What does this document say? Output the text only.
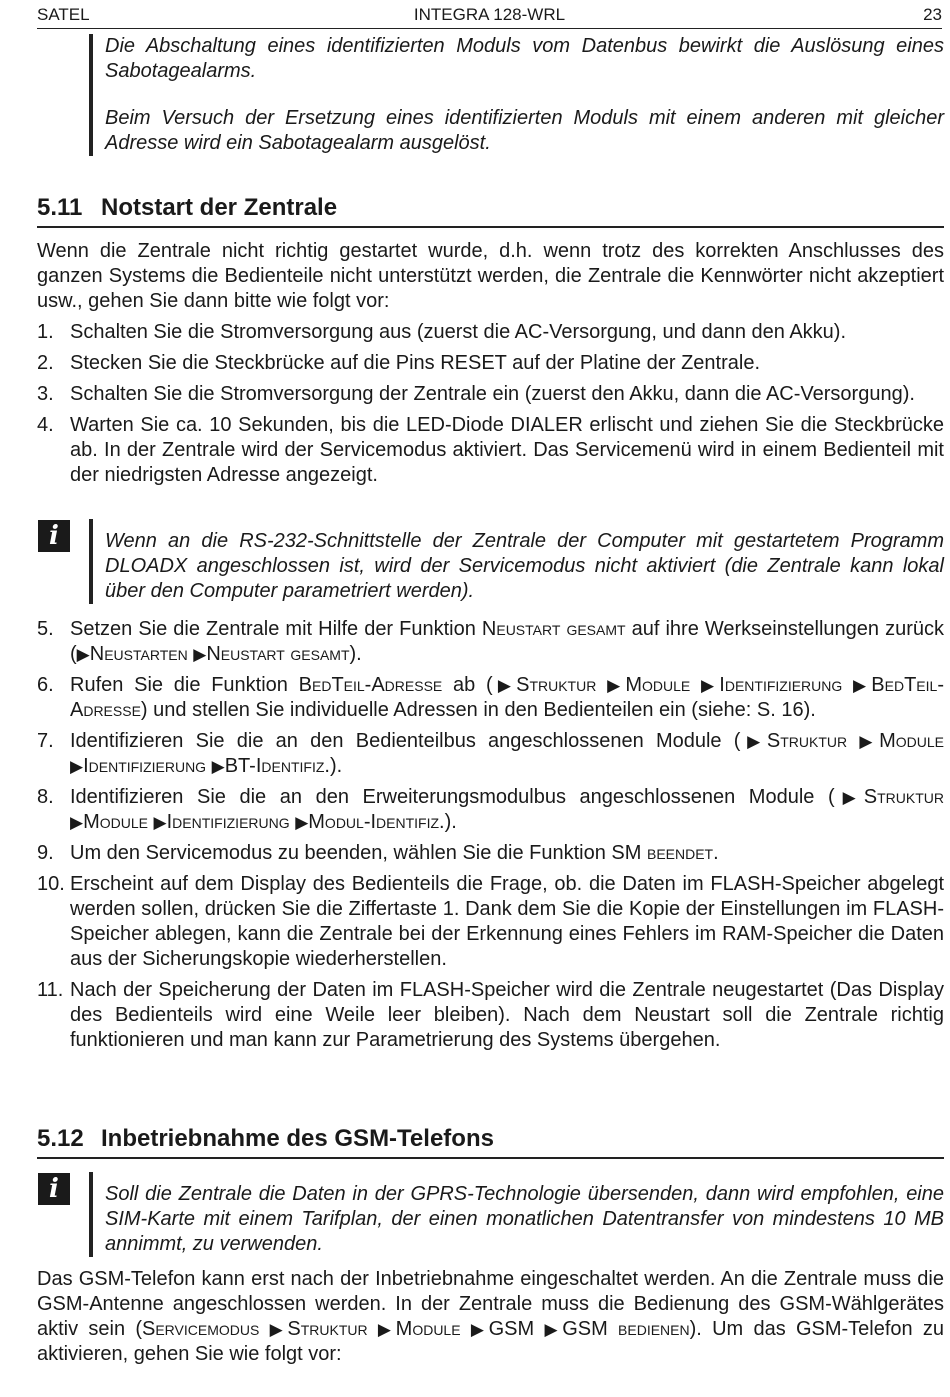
SATEL	INTEGRA 128-WRL	23

Die Abschaltung eines identifizierten Moduls vom Datenbus bewirkt die Auslösung eines Sabotagealarms.

Beim Versuch der Ersetzung eines identifizierten Moduls mit einem anderen mit gleicher Adresse wird ein Sabotagealarm ausgelöst.

5.11 Notstart der Zentrale

Wenn die Zentrale nicht richtig gestartet wurde, d.h. wenn trotz des korrekten Anschlusses des ganzen Systems die Bedienteile nicht unterstützt werden, die Zentrale die Kennwörter nicht akzeptiert usw., gehen Sie dann bitte wie folgt vor:

1. Schalten Sie die Stromversorgung aus (zuerst die AC-Versorgung, und dann den Akku).
2. Stecken Sie die Steckbrücke auf die Pins RESET auf der Platine der Zentrale.
3. Schalten Sie die Stromversorgung der Zentrale ein (zuerst den Akku, dann die AC-Versorgung).
4. Warten Sie ca. 10 Sekunden, bis die LED-Diode DIALER erlischt und ziehen Sie die Steckbrücke ab. In der Zentrale wird der Servicemodus aktiviert. Das Servicemenü wird in einem Bedienteil mit der niedrigsten Adresse angezeigt.
i	Wenn an die RS-232-Schnittstelle der Zentrale der Computer mit gestartetem Programm DLOADX angeschlossen ist, wird der Servicemodus nicht aktiviert (die Zentrale kann lokal über den Computer parametriert werden).

5. Setzen Sie die Zentrale mit Hilfe der Funktion Neustart gesamt auf ihre Werkseinstellungen zurück (▶Neustarten ▶Neustart gesamt).
6. Rufen Sie die Funktion BedTeil-Adresse ab (▶Struktur ▶Module ▶Identifizierung ▶BedTeil-Adresse) und stellen Sie individuelle Adressen in den Bedienteilen ein (siehe: S. 16).
7. Identifizieren Sie die an den Bedienteilbus angeschlossenen Module (▶Struktur ▶Module ▶Identifizierung ▶BT-Identifiz.).
8. Identifizieren Sie die an den Erweiterungsmodulbus angeschlossenen Module (▶Struktur ▶Module ▶Identifizierung ▶Modul-Identifiz.).
9. Um den Servicemodus zu beenden, wählen Sie die Funktion SM beendet.
10. Erscheint auf dem Display des Bedienteils die Frage, ob. die Daten im FLASH-Speicher abgelegt werden sollen, drücken Sie die Ziffertaste 1. Dank dem Sie die Kopie der Einstellungen im FLASH-Speicher ablegen, kann die Zentrale bei der Erkennung eines Fehlers im RAM-Speicher die Daten aus der Sicherungskopie wiederherstellen.
11. Nach der Speicherung der Daten im FLASH-Speicher wird die Zentrale neugestartet (Das Display des Bedienteils wird eine Weile leer bleiben). Nach dem Neustart soll die Zentrale richtig funktionieren und man kann zur Parametrierung des Systems übergehen.
5.12 Inbetriebnahme des GSM-Telefons
i	Soll die Zentrale die Daten in der GPRS-Technologie übersenden, dann wird empfohlen, eine SIM-Karte mit einem Tarifplan, der einen monatlichen Datentransfer von mindestens 10 MB annimmt, zu verwenden.

Das GSM-Telefon kann erst nach der Inbetriebnahme eingeschaltet werden. An die Zentrale muss die GSM-Antenne angeschlossen werden. In der Zentrale muss die Bedienung des GSM-Wählgerätes aktiv sein (Servicemodus ▶Struktur ▶Module ▶GSM ▶GSM bedienen). Um das GSM-Telefon zu aktivieren, gehen Sie wie folgt vor:
